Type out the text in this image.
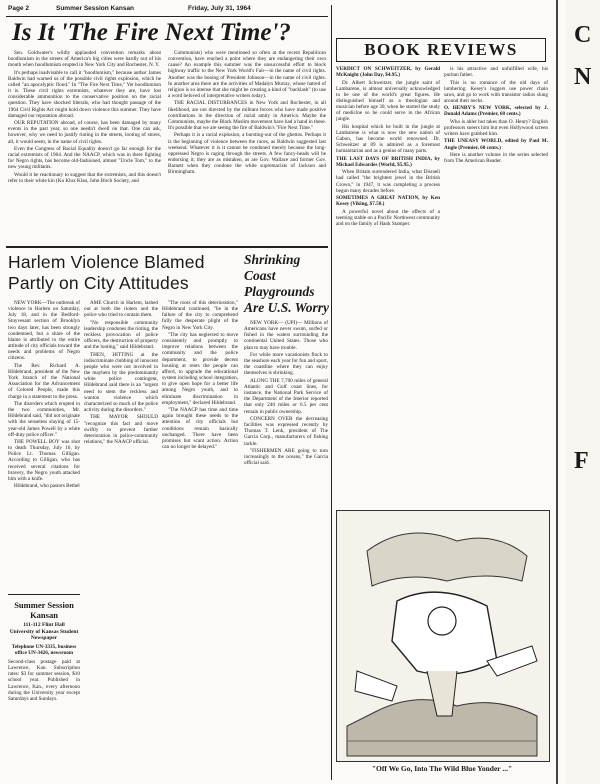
Page 2	Summer Session Kansan	Friday, July 31, 1964
Is It 'The Fire Next Time'?

Sen. Goldwater's wildly applauded convention remarks about hoodlumism in the streets of America's big cities were hardly out of his mouth when hoodlumism erupted in New York City and Rochester, N. Y.

It's perhaps inadvisable to call it "hoodlumism," because author James Baldwin had warned us of the possible civil rights explosion, which he called "an apocalyptic flood." In "The Fire Next Time," Yet hoodlumism it is. These civil rights extremists, whatever they are, have lost considerable ammunition to the conservative position on the racial question. They have shocked liberals, who had thought passage of the 1964 Civil Rights Act might hold down violence this summer. They have damaged our reputation abroad.

OUR REPUTATION abroad, of course, has been damaged by many events in the past year, so one needn't dwell on that. One can ask, however, why we need to justify rioting in the streets, looting of stores, all, it would seem, in the name of civil rights.

Even the Congress of Racial Equality doesn't go far enough for the racial extremists of 1964. And the NAACP, which was in there fighting for Negro rights, has become old-fashioned, almost "Uncle Tom," to the new young militants.

Would it be reactionary to suggest that the extremists, and this doesn't refer to their white kin (Ku Klux Klan, John Birch Society, and

Communists) who were mentioned so often at the recent Republican convention, have reached a point where they are endangering their own cause? An example this summer was the unsuccessful effort to block highway traffic to the New York World's Fair—in the name of civil rights. Another was the booing of President Johnson—in the name of civil rights. In another area there are the activities of Madalyn Murray, whose hatred of religion is so intense that she might be creating a kind of "backlash" (to use a word beloved of interpretative writers today).

THE RACIAL DISTURBANCES in New York and Rochester, in all likelihood, are not directed by the militant forces who have made positive contributions in the direction of racial amity in America. Maybe the Communists, maybe the Black Muslim movement have had a hand in these. It's possible that we are seeing the fire of Baldwin's "Fire Next Time."

Perhaps it is a racial explosion, a bursting-out of the ghettos. Perhaps it is the beginning of violence between the races, as Baldwin suggested last weekend. Whatever it is it cannot be condoned merely because the long-oppressed Negro is raging through the streets. A few fancy-heads will be endorsing it; they are as mistaken, as are Gov. Wallace and former Gov. Barnett when they condone the white supremacists of Jackson and Birmingham.

Harlem Violence Blamed
Partly on City Attitudes

NEW YORK—The outbreak of violence in Harlem on Saturday, July 18, and in the Bedford-Stuyvesant section of Brooklyn two days later, has been strongly condemned, but a share of the blame is attributed to the entire attitude of city officials toward the needs and problems of Negro citizens.

The Rev. Richard A. Hildebrand, president of the New York branch of the National Association for the Advancement of Colored People, made this charge in a statement to the press.

The disorders which erupted in the two communities, Mr. Hildebrand said, "did not originate with the senseless slaying of 15-year-old James Powell by a white off-duty police officer."

THE POWELL BOY was shot to death Thursday, July 16, by Police Lt. Thomas Gilligan. According to Gilligan, who has received several citations for bravery, the Negro youth attacked him with a knife.

Hildebrand, who pastors Bethel

AME Church in Harlem, lashed out at both the rioters and the police who tried to contain them.

"No responsible community leadership condones the rioting, the reckless provocation of police officers, the destruction of property and the looting," said Hildebrand.

THEN, HITTING at the indiscriminate clubbing of innocent people who were not involved in the mayhem by the predominantly white police contingent, Hildebrand said there is an "urgent need to stem the reckless and wanton violence which characterized so much of the police activity during the disorders."

THE MAYOR SHOULD "recognize this fact and move swiftly to prevent further deterioration in police-community relations," the NAACP official.

"The roots of this deterioration," Hildebrand continued, "lie in the failure of the city to comprehend fully the desperate plight of the Negro in New York City.

"The city has neglected to move consistently and promptly to improve relations between the community and the police department, to provide decent housing at rents the people can afford, to upgrade the educational system including school integration, to give open hope for a better life among Negro youth, and to eliminate discrimination in employment," declared Hildebrand.

"The NAACP has time and time again brought these needs to the attention of city officials but conditions remain basically unchanged. There have been promises but scant action. Action can no longer be delayed."

Summer Session Kansan
111-112 Flint Hall
University of Kansas Student Newspaper
Telephone UN-3335, business office UN-3426, newsroom
Second-class postage paid at Lawrence, Kan. Subscription rates: $3 for summer session, $10 school year. Published in Lawrence, Kan., every afternoon during the University year except Saturdays and Sundays.
Shrinking Coast Playgrounds Are U.S. Worry

NEW YORK— (UPI)— Millions of Americans have never swum, surfed or fished in the waters surrounding the continental United States. Those who plan to may have trouble.

For while more vacationists flock to the seashore each year for fun and sport, the coastline where they can enjoy themselves is shrinking.

ALONG THE 7,700 miles of general Atlantic and Gulf coast lines, for instance, the National Park Service of the Department of the Interior reported that only 240 miles or 6.5 per cent remain in public ownership.

CONCERN OVER the decreasing facilities was expressed recently by Thomas T. Lenk, president of The Garcia Corp., manufacturers of fishing tackle.

"FISHERMEN ARE going to turn increasingly to the oceans," the Garcia official said.

BOOK REVIEWS

VERDICT ON SCHWEITZER, by Gerald McKnight (John Day, $4.95.)

Dr. Albert Schweitzer, the jungle saint of Lambarene, is almost universally acknowledged to be one of the world's great figures. He distinguished himself as a theologian and musician before age 30, when he started the study of medicine so he could serve in the African jungle.

His hospital which he built in the jungle at Lambarene is what is now the new nation of Gabon, has become world renowned. Dr. Schweitzer at 89 is admired as a foremost humanitarian and as a genius of many parts.

THE LAST DAYS OF BRITISH INDIA, by Michael Edwardes (World, $5.95.)

When Britain surrendered India, what Disraeli had called "the brightest jewel in the British Crown," in 1947, it was completing a process begun many decades before.

SOMETIMES A GREAT NATION, by Ken Kesey (Viking, $7.50.)

A powerful novel about the effects of a teeming stable on a Pacific Northwest community and on the family of Hank Stamper.

is his attractive and unfulfilled wife, his puritan father.

This is no romance of the old days of lumbering. Kesey's loggers use power chain saws, and go to work with transistor radios slung around their necks.

O. HENRY'S NEW YORK, selected by J. Donald Adams (Premier, 60 cents.)

Who is abler but takes than O. Henry? English professors sneers him but even Hollywood screen writers have grabbed him.

THE UNEASY WORLD, edited by Paul M. Angle (Premier, 60 cents.)

Here is another volume in the series selected from The American Reader.

"Off We Go, Into The Wild Blue Yonder ..."
C
N
F
